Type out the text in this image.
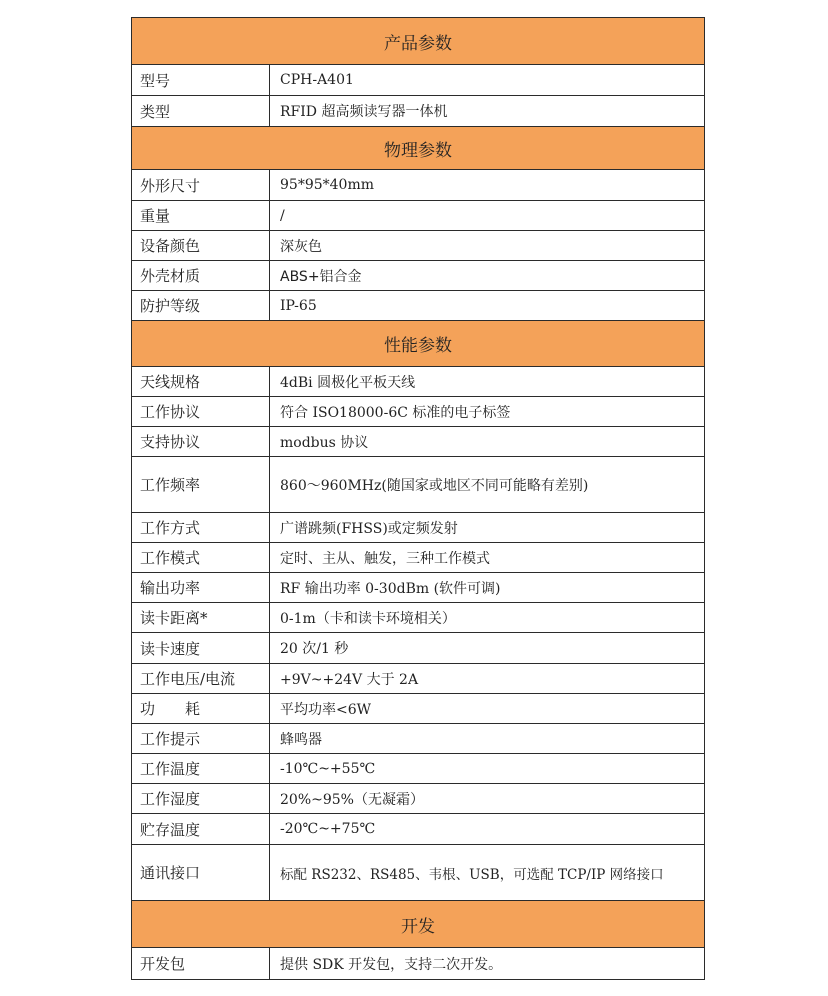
产品参数	
型号	CPH-A401
类型	RFID 超高频读写器一体机
物理参数	
外形尺寸	95*95*40mm
重量	/
设备颜色	深灰色
外壳材质	ABS+铝合金
防护等级	IP-65
性能参数	
天线规格	4dBi 圆极化平板天线
工作协议	符合 ISO18000-6C 标准的电子标签
支持协议	modbus 协议
工作频率	860～960MHz(随国家或地区不同可能略有差别)
工作方式	广谱跳频(FHSS)或定频发射
工作模式	定时、主从、触发，三种工作模式
输出功率	RF 输出功率 0-30dBm (软件可调)
读卡距离*	0-1m（卡和读卡环境相关）
读卡速度	20 次/1 秒
工作电压/电流	+9V~+24V 大于 2A
功　　耗	平均功率<6W
工作提示	蜂鸣器
工作温度	-10℃~+55℃
工作湿度	20%~95%（无凝霜）
贮存温度	-20℃~+75℃
通讯接口	标配 RS232、RS485、韦根、USB，可选配 TCP/IP 网络接口
开发	
开发包	提供 SDK 开发包，支持二次开发。
